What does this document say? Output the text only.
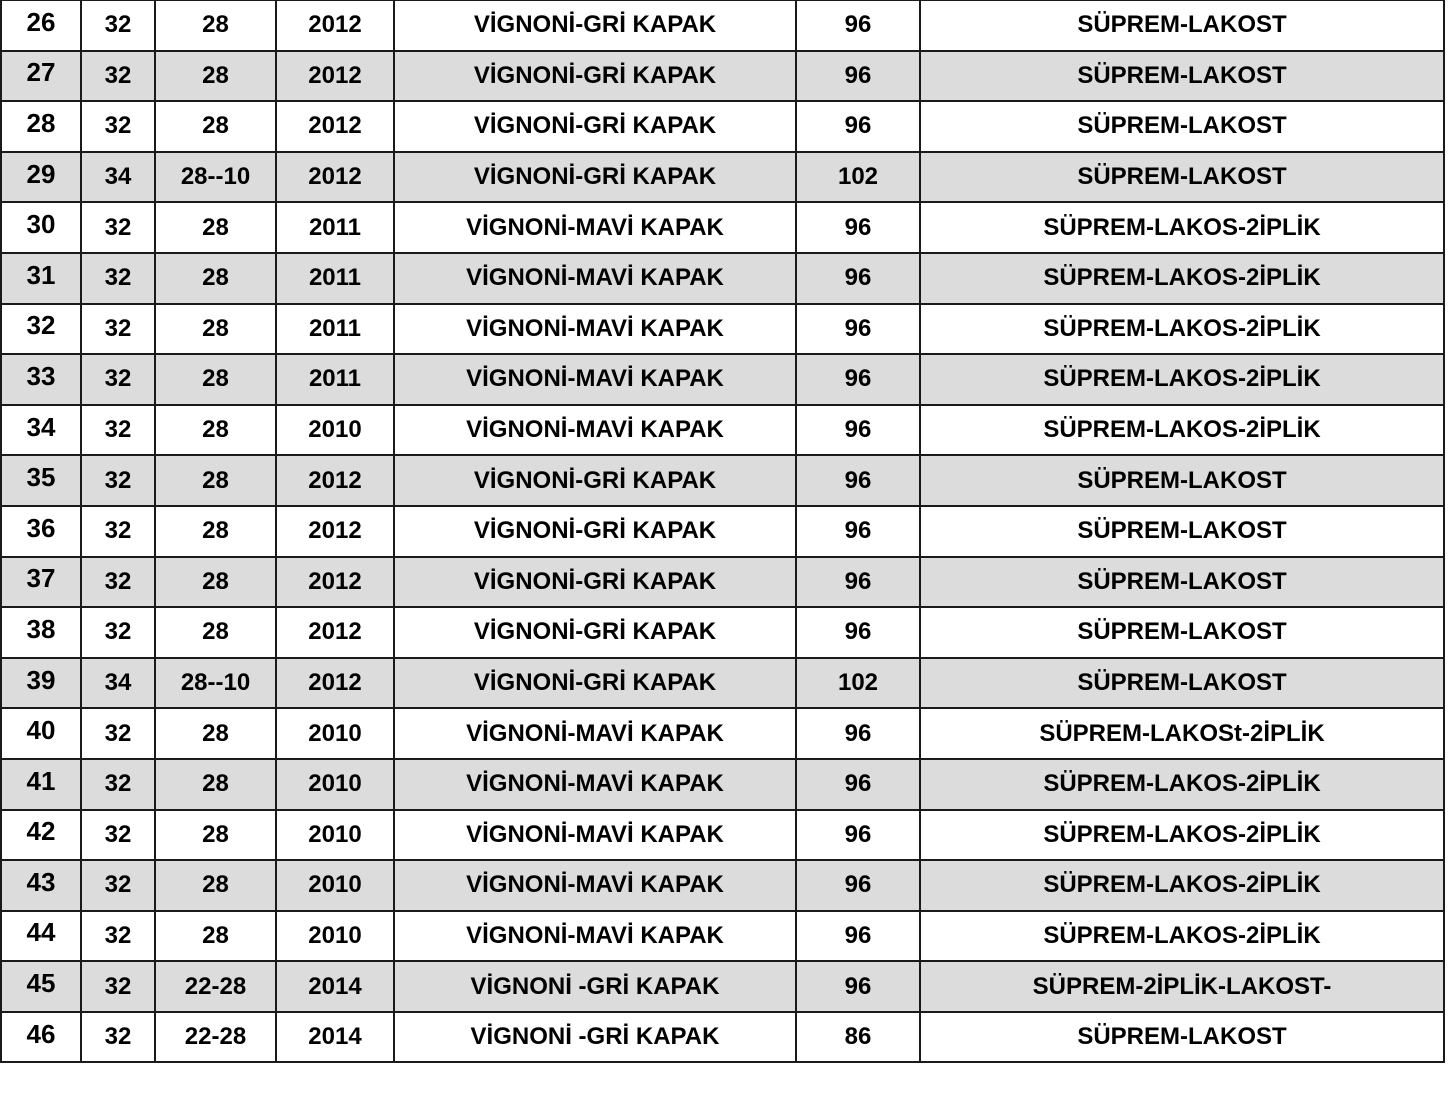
26	32	28	2012	VİGNONİ-GRİ KAPAK	96	SÜPREM-LAKOST
27	32	28	2012	VİGNONİ-GRİ KAPAK	96	SÜPREM-LAKOST
28	32	28	2012	VİGNONİ-GRİ KAPAK	96	SÜPREM-LAKOST
29	34	28--10	2012	VİGNONİ-GRİ KAPAK	102	SÜPREM-LAKOST
30	32	28	2011	VİGNONİ-MAVİ KAPAK	96	SÜPREM-LAKOS-2İPLİK
31	32	28	2011	VİGNONİ-MAVİ KAPAK	96	SÜPREM-LAKOS-2İPLİK
32	32	28	2011	VİGNONİ-MAVİ KAPAK	96	SÜPREM-LAKOS-2İPLİK
33	32	28	2011	VİGNONİ-MAVİ KAPAK	96	SÜPREM-LAKOS-2İPLİK
34	32	28	2010	VİGNONİ-MAVİ KAPAK	96	SÜPREM-LAKOS-2İPLİK
35	32	28	2012	VİGNONİ-GRİ KAPAK	96	SÜPREM-LAKOST
36	32	28	2012	VİGNONİ-GRİ KAPAK	96	SÜPREM-LAKOST
37	32	28	2012	VİGNONİ-GRİ KAPAK	96	SÜPREM-LAKOST
38	32	28	2012	VİGNONİ-GRİ KAPAK	96	SÜPREM-LAKOST
39	34	28--10	2012	VİGNONİ-GRİ KAPAK	102	SÜPREM-LAKOST
40	32	28	2010	VİGNONİ-MAVİ KAPAK	96	SÜPREM-LAKOSt-2İPLİK
41	32	28	2010	VİGNONİ-MAVİ KAPAK	96	SÜPREM-LAKOS-2İPLİK
42	32	28	2010	VİGNONİ-MAVİ KAPAK	96	SÜPREM-LAKOS-2İPLİK
43	32	28	2010	VİGNONİ-MAVİ KAPAK	96	SÜPREM-LAKOS-2İPLİK
44	32	28	2010	VİGNONİ-MAVİ KAPAK	96	SÜPREM-LAKOS-2İPLİK
45	32	22-28	2014	VİGNONİ -GRİ KAPAK	96	SÜPREM-2İPLİK-LAKOST-
46	32	22-28	2014	VİGNONİ -GRİ KAPAK	86	SÜPREM-LAKOST
